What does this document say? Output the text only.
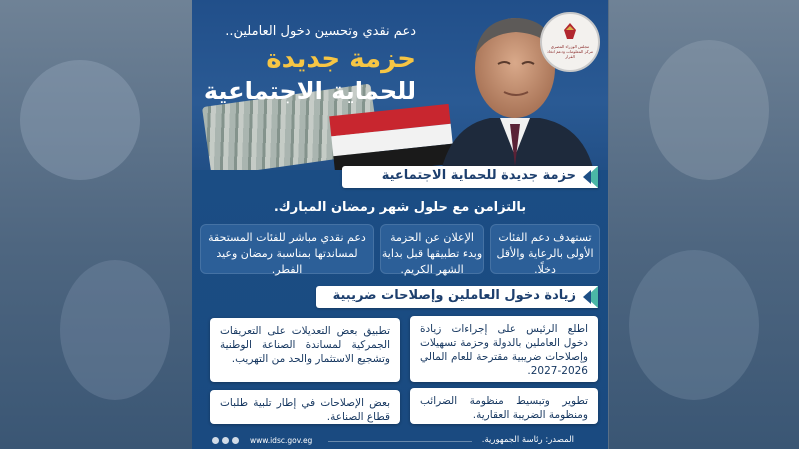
مجلس الوزراء المصري مركز المعلومات ودعم اتخاذ القرار
دعم نقدي وتحسين دخول العاملين..
حزمة جديدة
للحماية الاجتماعية
حزمة جديدة للحماية الاجتماعية
بالتزامن مع حلول شهر رمضان المبارك.
تستهدف دعم الفئات الأولى بالرعاية والأقل دخلًا.
الإعلان عن الحزمة وبدء تطبيقها قبل بداية الشهر الكريم.
دعم نقدي مباشر للفئات المستحقة لمساندتها بمناسبة رمضان وعيد الفطر.
زيادة دخول العاملين وإصلاحات ضريبية
اطلع الرئيس على إجراءات زيادة دخول العاملين بالدولة وحزمة تسهيلات وإصلاحات ضريبية مقترحة للعام المالي 2026-2027.
تطوير وتبسيط منظومة الضرائب ومنظومة الضريبة العقارية.
تطبيق بعض التعديلات على التعريفات الجمركية لمساندة الصناعة الوطنية وتشجيع الاستثمار والحد من التهريب.
بعض الإصلاحات في إطار تلبية طلبات قطاع الصناعة.
www.idsc.gov.eg	المصدر: رئاسة الجمهورية.
